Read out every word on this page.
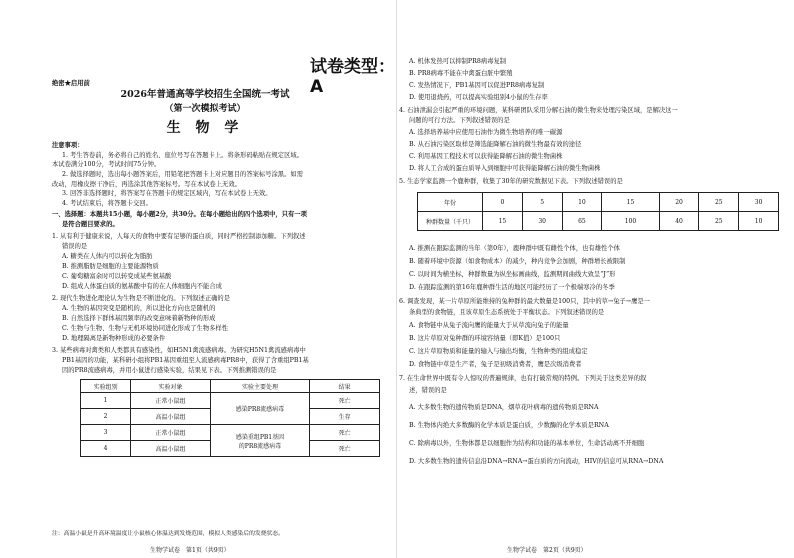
试卷类型：A
绝密★启用前
2026年普通高等学校招生全国统一考试
（第一次模拟考试）
生 物 学
注意事项：
1. 考生答卷前，务必将自己的姓名、座位号写在答题卡上。将条形码粘贴在规定区域。
本试卷满分100分，考试时间75分钟。
2. 做选择题时，选出每小题答案后，用铅笔把答题卡上对应题目的答案标号涂黑。如需
改动，用橡皮擦干净后，再选涂其他答案标号。写在本试卷上无效。
3. 回答非选择题时，将答案写在答题卡的规定区域内，写在本试卷上无效。
4. 考试结束后，将答题卡交回。
一、选择题：本题共15小题，每小题2分，共30分。在每小题给出的四个选项中，只有一项
是符合题目要求的。
1. 从有利于健康来说，人每天的食物中要有足够的蛋白质，同时严格控制添加糖。下列叙述
错误的是
A. 糖类在人体内可以转化为脂肪
B. 推测脂肪是细胞的主要能源物质
C. 葡萄糖富余时可以转变成某些氨基酸
D. 组成人体蛋白质的氨基酸中有的在人体细胞内不能合成
2. 现代生物进化理论认为生物是不断进化的。下列叙述正确的是
A. 生物的基因突变是随机的，所以进化方向也是随机的
B. 自然选择下群体基因频率的改变意味着新物种的形成
C. 生物与生物、生物与无机环境协同进化形成了生物多样性
D. 地理隔离是新物种形成的必要条件
3. 某些病毒对禽类和人类都具有感染性，如H5N1禽流感病毒。为研究H5N1禽流感病毒中
PB1基因的功能，某科研小组将PB1基因重组至人流感病毒PR8中，获得了含重组PB1基
因的PR8流感病毒，并用小鼠进行感染实验，结果见下表。下列推测错误的是
实验组别	实验对象	实验主要处理	结果
1	正常小鼠组	感染PR8流感病毒	死亡
2	高温小鼠组		生存
3	正常小鼠组	感染重组PB1基因
的PR8流感病毒	死亡
4	高温小鼠组		死亡
注：高温小鼠是升高环境温度让小鼠核心体温达到发烧范围，模拟人类感染后的发烧状态。
生物学试卷　第1页（共9页）
A. 机体发热可以抑制PR8病毒复制
B. PR8病毒不能在中禽蛋白脏中繁殖
C. 发热情况下，PB1基因可以促进PR8病毒复制
D. 使用退烧药，可以提高实验组别4小鼠的生存率
4. 石油泄漏会引起严重的环境问题，某科研团队采用分解石油的微生物来处理污染区域，是解决这一
问题的可行方法。下列叙述错误的是
A. 选择培养基中应使用石油作为微生物培养的唯一碳源
B. 从石油污染区取样是筛选能降解石油的微生物最有效的途径
C. 利用基因工程技术可以获得能降解石油的微生物菌株
D. 将人工合成的蛋白质导入到细胞中可获得能降解石油的微生物菌株
5. 生态学家监测一个鹿种群，收集了30年的研究数据见下表。下列叙述错误的是
年份	0	5	10	15	20	25	30
种群数量（千只）	15	30	65	100	40	25	10
A. 推测在跟踪监测的当年（第0年），鹿种群中既有雌性个体，也有雄性个体
B. 随着环境中资源（如食物成本）的减少，种内竞争会加剧，种群增长被限制
C. 以时间为横坐标，种群数量为纵坐标画曲线，监测期间曲线大致呈“J”形
D. 在跟踪监测的第16年鹿种群生活的地区可能经历了一个极端寒冷的冬季
6. 调查发现，某一片草原所能维持的兔种群的最大数量是100只，其中的草→兔子→鹰是一
条典型的食物链，且该草原生态系统处于平衡状态。下列叙述错误的是
A. 食物链中从兔子流向鹰的能量大于从草流向兔子的能量
B. 这片草原对兔种群的环境容纳量（即K值）是100只
C. 这片草原物质和能量的输入与输出均衡，生物种类的组成稳定
D. 食物链中草是生产者，兔子是初级消费者，鹰是次级消费者
7. 在生命世界中既有令人惊叹的普遍规律，也有打破常规的特例。下列关于这类差异的叙
述，错误的是
A. 大多数生物的遗传物质是DNA，烟草花叶病毒的遗传物质是RNA
B. 生物体内绝大多数酶的化学本质是蛋白质，少数酶的化学本质是RNA
C. 除病毒以外，生物体都是以细胞作为结构和功能的基本单位，生命活动离不开细胞
D. 大多数生物的遗传信息沿DNA→RNA→蛋白质的方向流动，HIV的信息可从RNA→DNA
生物学试卷　第2页（共9页）
